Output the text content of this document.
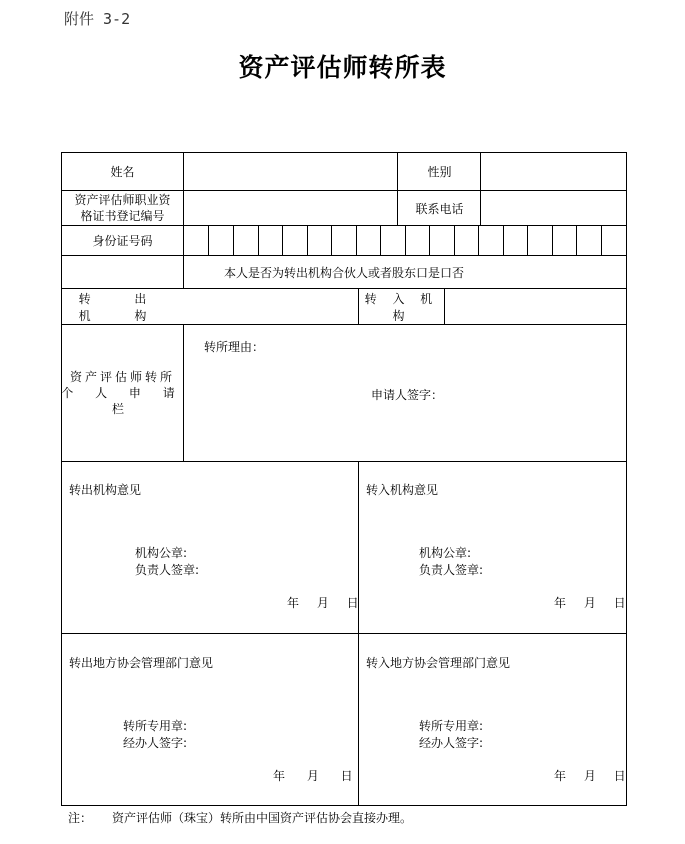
附件 3-2
资产评估师转所表
姓名	性别
资产评估师职业资
格证书登记编号
联系电话
身份证号码
本人是否为转出机构合伙人或者股东口是口否
转 出 机 构
转 入 机 构
资产评估师转所
个 人 申 请 栏
转所理由：
申请人签字：
转出机构意见
机构公章:
负责人签章:
年 月 日
转入机构意见
机构公章:
负责人签章:
年 月 日
转出地方协会管理部门意见
转所专用章:
经办人签字:
年 月 日
转入地方协会管理部门意见
转所专用章:
经办人签字:
年 月 日
注： 资产评估师（珠宝）转所由中国资产评估协会直接办理。
